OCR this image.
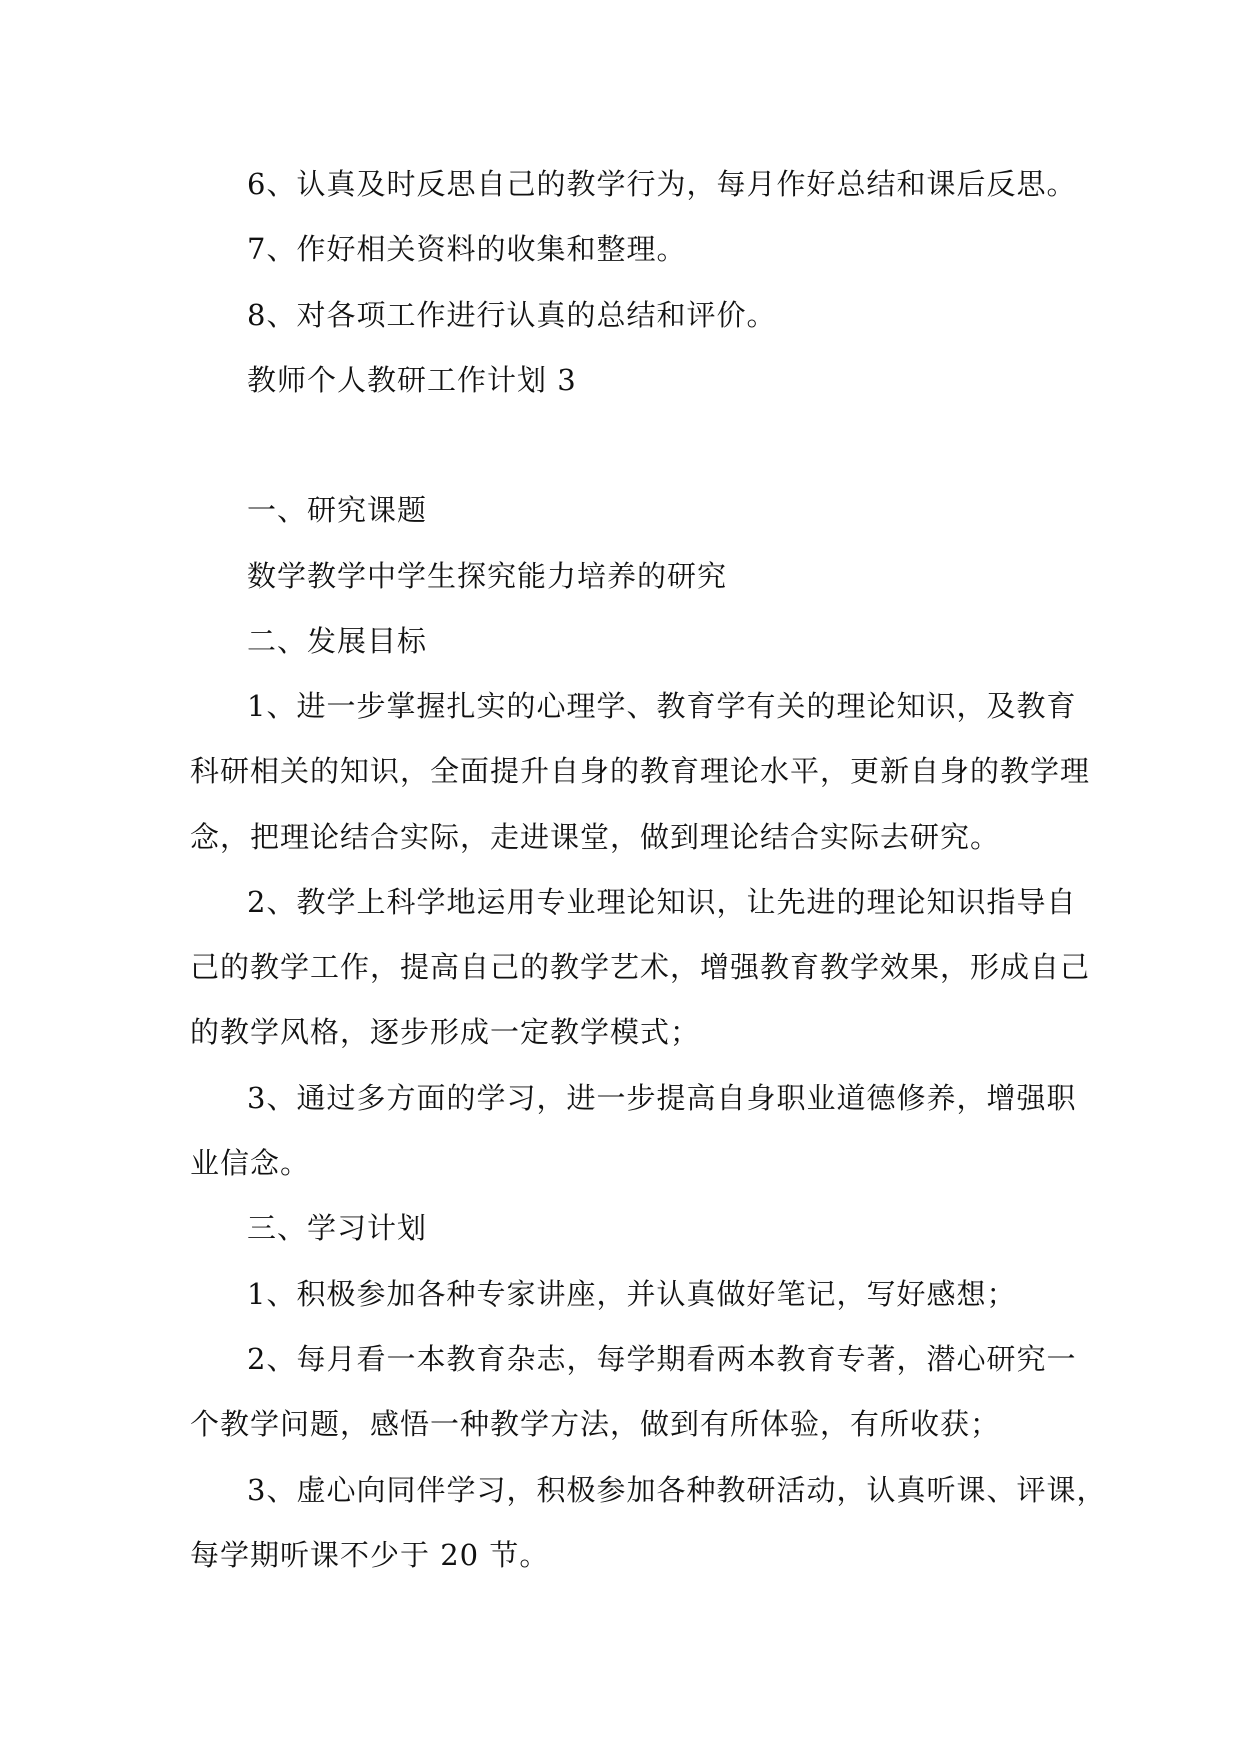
6、认真及时反思自己的教学行为，每月作好总结和课后反思。
7、作好相关资料的收集和整理。
8、对各项工作进行认真的总结和评价。
教师个人教研工作计划 3
一、研究课题
数学教学中学生探究能力培养的研究
二、发展目标
1、进一步掌握扎实的心理学、教育学有关的理论知识，及教育
科研相关的知识，全面提升自身的教育理论水平，更新自身的教学理
念，把理论结合实际，走进课堂，做到理论结合实际去研究。
2、教学上科学地运用专业理论知识，让先进的理论知识指导自
己的教学工作，提高自己的教学艺术，增强教育教学效果，形成自己
的教学风格，逐步形成一定教学模式；
3、通过多方面的学习，进一步提高自身职业道德修养，增强职
业信念。
三、学习计划
1、积极参加各种专家讲座，并认真做好笔记，写好感想；
2、每月看一本教育杂志，每学期看两本教育专著，潜心研究一
个教学问题，感悟一种教学方法，做到有所体验，有所收获；
3、虚心向同伴学习，积极参加各种教研活动，认真听课、评课，
每学期听课不少于 20 节。
